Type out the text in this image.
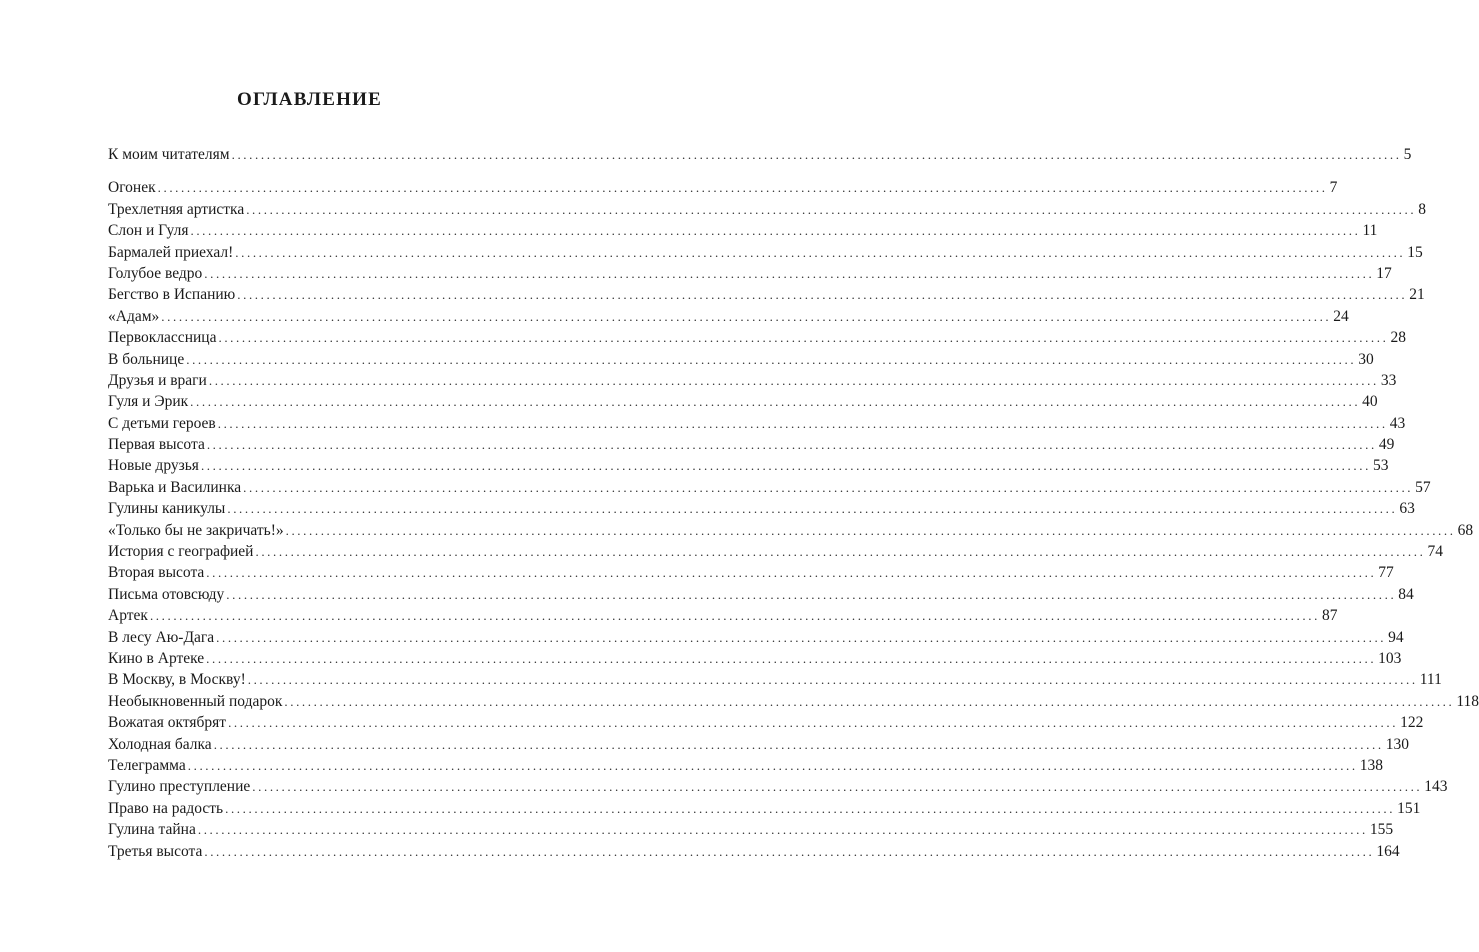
ОГЛАВЛЕНИЕ
К моим читателям ........................................................................................................................................................................................................ 5
Огонек ........................................................................................................................................................................................................ 7
Трехлетняя артистка ........................................................................................................................................................................................................ 8
Слон и Гуля ........................................................................................................................................................................................................ 11
Бармалей приехал! ........................................................................................................................................................................................................ 15
Голубое ведро ........................................................................................................................................................................................................ 17
Бегство в Испанию ........................................................................................................................................................................................................ 21
«Адам» ........................................................................................................................................................................................................ 24
Первоклассница ........................................................................................................................................................................................................ 28
В больнице ........................................................................................................................................................................................................ 30
Друзья и враги ........................................................................................................................................................................................................ 33
Гуля и Эрик ........................................................................................................................................................................................................ 40
С детьми героев ........................................................................................................................................................................................................ 43
Первая высота ........................................................................................................................................................................................................ 49
Новые друзья ........................................................................................................................................................................................................ 53
Варька и Василинка ........................................................................................................................................................................................................ 57
Гулины каникулы ........................................................................................................................................................................................................ 63
«Только бы не закричать!» ........................................................................................................................................................................................................ 68
История с географией ........................................................................................................................................................................................................ 74
Вторая высота ........................................................................................................................................................................................................ 77
Письма отовсюду ........................................................................................................................................................................................................ 84
Артек ........................................................................................................................................................................................................ 87
В лесу Аю-Дага ........................................................................................................................................................................................................ 94
Кино в Артеке ........................................................................................................................................................................................................ 103
В Москву, в Москву! ........................................................................................................................................................................................................ 111
Необыкновенный подарок ........................................................................................................................................................................................................ 118
Вожатая октябрят ........................................................................................................................................................................................................ 122
Холодная балка ........................................................................................................................................................................................................ 130
Телеграмма ........................................................................................................................................................................................................ 138
Гулино преступление ........................................................................................................................................................................................................ 143
Право на радость ........................................................................................................................................................................................................ 151
Гулина тайна ........................................................................................................................................................................................................ 155
Третья высота ........................................................................................................................................................................................................ 164
